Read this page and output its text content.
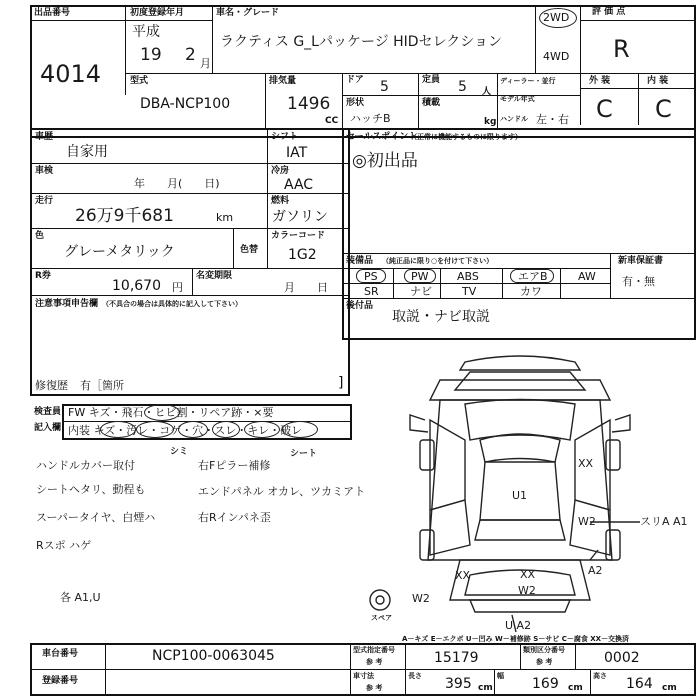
出品番号
4014
初度登録年月
平成
19 2 月
車名・グレード
ラクティス G_Lパッケージ HIDセレクション
2WD
4WD
評 価 点
R
型式
DBA-NCP100
排気量
1496
CC
ドア 5	定員 5 人
形状
ハッチB
積載
kg
ディーラー・並行
モデル年式
ハンドル 左・右
外 装	内 装
C C
車歴
自家用
シフト
IAT
車検
年　　月(　　日)
冷房
AAC
走行
26万9千681	km
燃料
ガソリン
色
グレーメタリック	色替
カラーコード
1G2
R券
10,670 円
名変期限
月　　日
注意事項申告欄 （不具合の場合は具体的に記入して下さい）
修復歴 有［箇所	]
セールスポイント
（正常に機能するものに限ります）
◎初出品
装備品 （純正品に限り○を付けて下さい）	新車保証書
有・無
PS	PW	ABS	エアB	AW
SR	ナビ	TV	カワ
後付品
取説・ナビ取説
検査員
記入欄
FW キズ・飛石・ヒビ割・リペア跡・×要
内装 キズ・汚レ・コゲ・穴・スレ・キレ・破レ
シミ	シート
ハンドルカバー取付
シートヘタリ、動程も
スーパータイヤ、白煙ハ
Rスポ ハゲ
各 A1,U
右Fピラー補修
エンドパネル オカレ、ツカミアト
右Rインパネ歪
U1
XX
W2	スリA A1
A2
XX	XX
W2
W2
U A2
スペア
A－キズ E－エクボ U－凹み W－補修跡 S－サビ C－腐食 XX－交換済
車台番号	NCP100-0063045
登録番号
型式指定番号
参 考	15179	類別区分番号
参 考	0002
車寸法
参 考
長さ 395 cm
幅 169 cm
高さ 164 cm
